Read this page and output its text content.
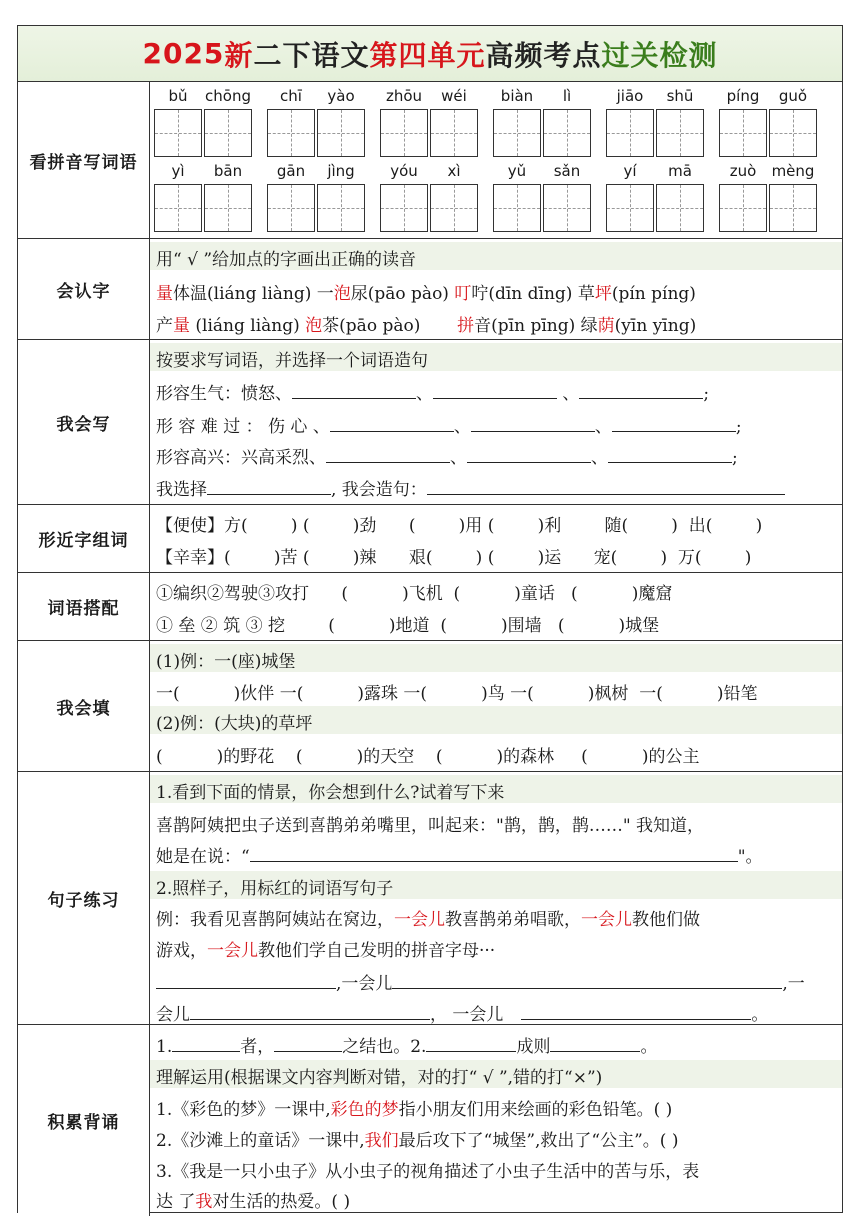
2025 新 二下语文 第四单元 高频考点 过关检测
看拼音写词语
bǔ	chōng	chī	yào	zhōu	wéi	biàn	lì	jiāo	shū	píng	guǒ
yì	bān	gān	jìng	yóu	xì	yǔ	sǎn	yí	mā	zuò	mèng
会认字
用“ √ ”给加点的字画出正确的读音
量体温(liáng liàng) 一泡尿(pāo pào) 叮咛(dīn dīng) 草坪(pín píng)
产量 (liáng liàng) 泡茶(pāo pào) 拼音(pīn pīng) 绿荫(yīn yīng)
我会写
按要求写词语，并选择一个词语造句
形容生气：愤怒、	、	、	;
形 容 难 过 ： 伤 心 、	、	、	;
形容高兴：兴高采烈、	、	、	;
我选择	, 我会造句：
形近字组词
【便使】方(        ) (        )劲      (        )用 (        )利        随(        )  出(        )
【辛幸】(        )苦 (        )辣      艰(        ) (        )运      宠(        )  万(        )
词语搭配
①编织②驾驶③攻打      (          )飞机  (          )童话   (          )魔窟
① 垒 ② 筑 ③ 挖        (          )地道  (          )围墙   (          )城堡
我会填
(1)例：一(座)城堡
一(          )伙伴 一(          )露珠 一(          )鸟 一(          )枫树  一(          )铅笔
(2)例：(大块)的草坪
(          )的野花    (          )的天空    (          )的森林     (          )的公主
句子练习
1.看到下面的情景，你会想到什么?试着写下来
喜鹊阿姨把虫子送到喜鹊弟弟嘴里，叫起来："鹊，鹊，鹊……" 我知道，
她是在说：“	"。
2.照样子，用标红的词语写句子
例：我看见喜鹊阿姨站在窝边，一会儿教喜鹊弟弟唱歌，一会儿教他们做
游戏，一会儿教他们学自己发明的拼音字母···
,一会儿	,一
会儿	， 一会儿	。
积累背诵
1.	者，	之结也。2.	成则	。
理解运用(根据课文内容判断对错，对的打“ √ ”,错的打“×”)
1.《彩色的梦》一课中,彩色的梦指小朋友们用来绘画的彩色铅笔。( )
2.《沙滩上的童话》一课中,我们最后攻下了“城堡”,救出了“公主”。( )
3.《我是一只小虫子》从小虫子的视角描述了小虫子生活中的苦与乐，表
达 了我对生活的热爱。( )
